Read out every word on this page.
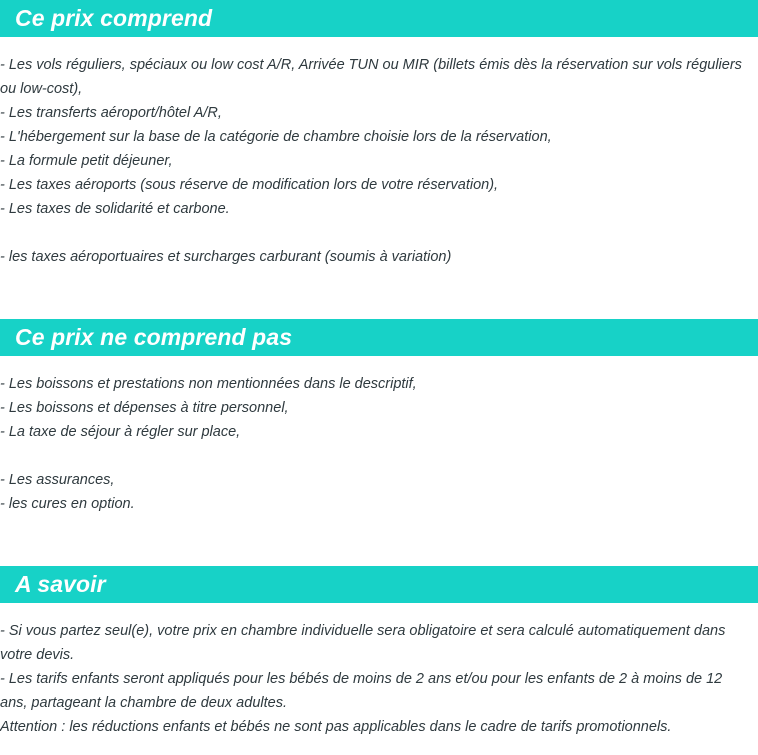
Ce prix comprend

- Les vols réguliers, spéciaux ou low cost A/R, Arrivée TUN ou MIR (billets émis dès la réservation sur vols réguliers ou low-cost),

- Les transferts aéroport/hôtel A/R,

- L'hébergement sur la base de la catégorie de chambre choisie lors de la réservation,

- La formule petit déjeuner,

- Les taxes aéroports (sous réserve de modification lors de votre réservation),

- Les taxes de solidarité et carbone.

- les taxes aéroportuaires et surcharges carburant (soumis à variation)

Ce prix ne comprend pas

- Les boissons et prestations non mentionnées dans le descriptif,

- Les boissons et dépenses à titre personnel,

- La taxe de séjour à régler sur place,

- Les assurances,

- les cures en option.

A savoir

- Si vous partez seul(e), votre prix en chambre individuelle sera obligatoire et sera calculé automatiquement dans votre devis.

- Les tarifs enfants seront appliqués pour les bébés de moins de 2 ans et/ou pour les enfants de 2 à moins de 12 ans, partageant la chambre de deux adultes.

Attention : les réductions enfants et bébés ne sont pas applicables dans le cadre de tarifs promotionnels.
